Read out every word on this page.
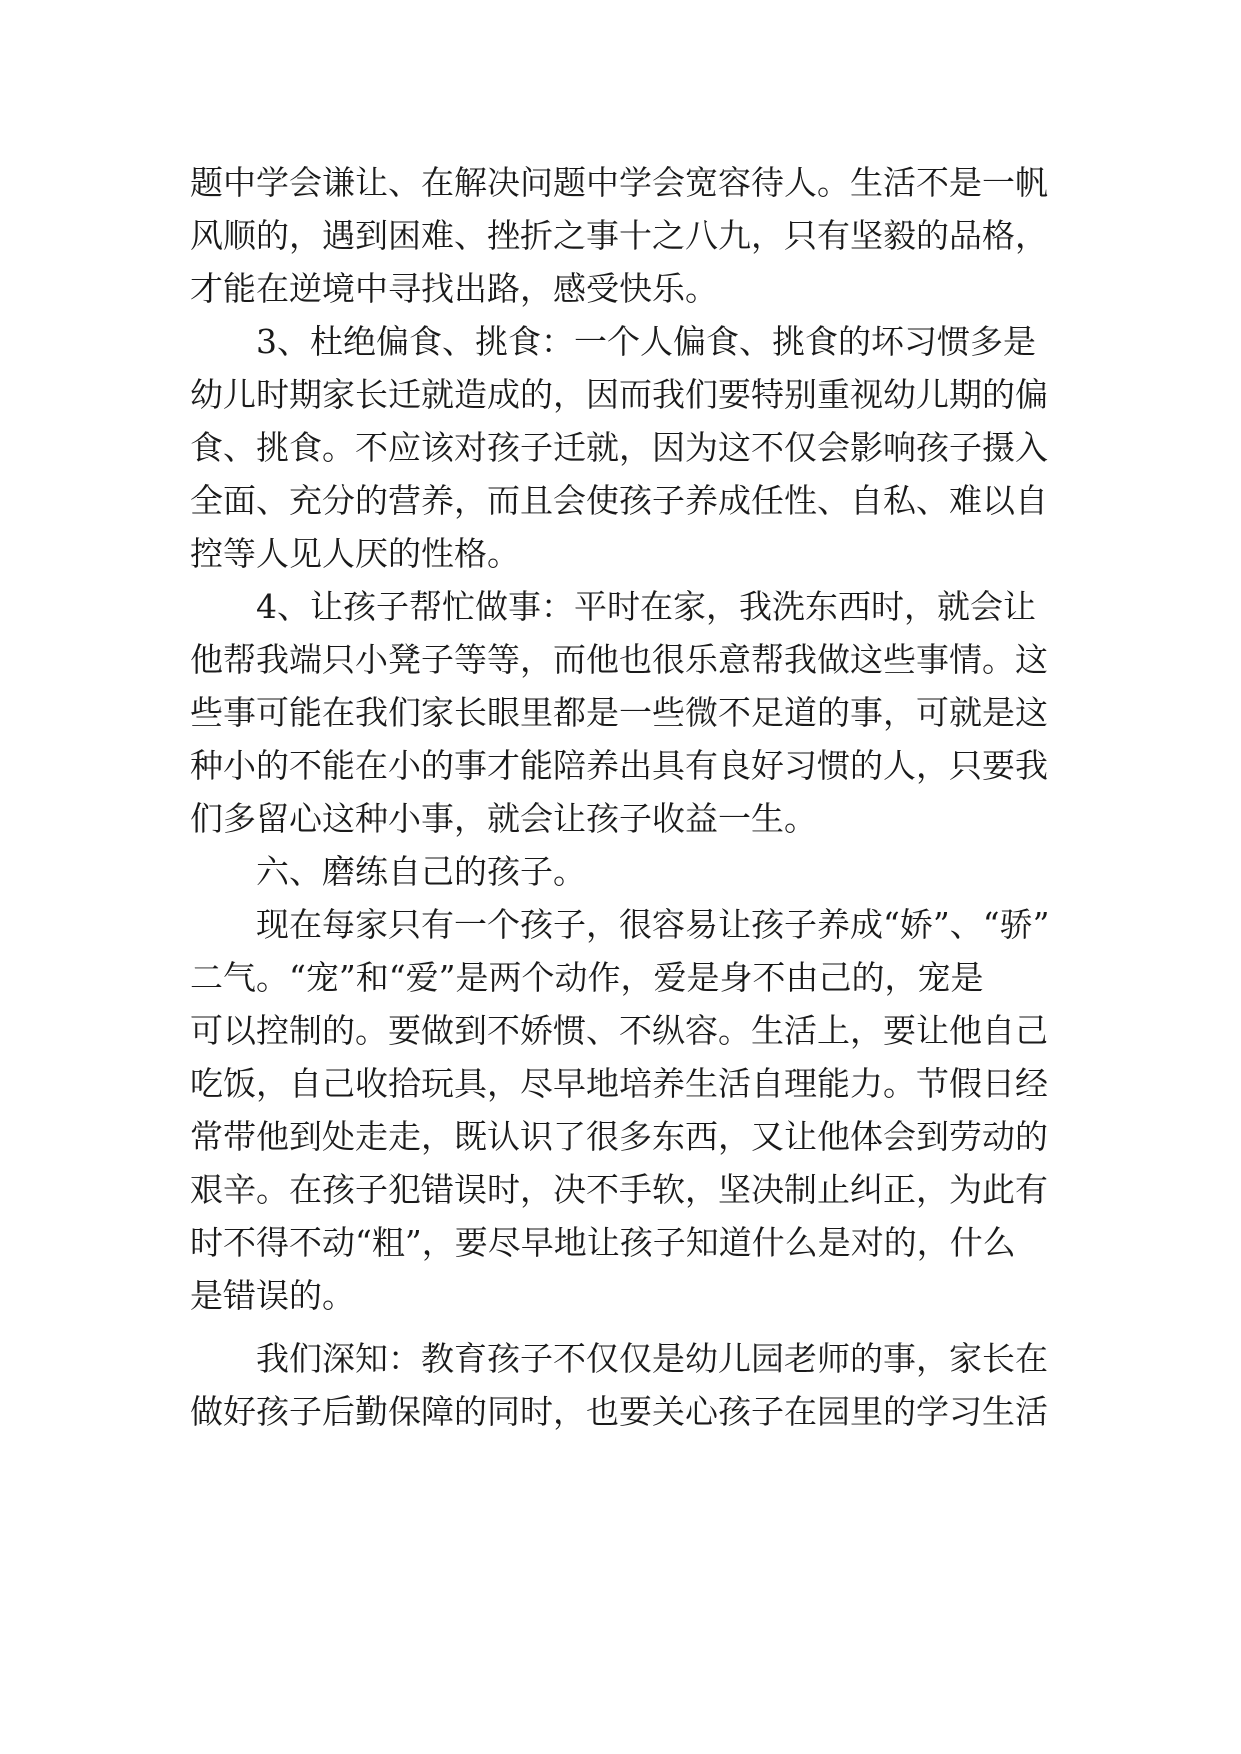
题中学会谦让、在解决问题中学会宽容待人。生活不是一帆
风顺的，遇到困难、挫折之事十之八九，只有坚毅的品格，
才能在逆境中寻找出路，感受快乐。
3、杜绝偏食、挑食：一个人偏食、挑食的坏习惯多是
幼儿时期家长迁就造成的，因而我们要特别重视幼儿期的偏
食、挑食。不应该对孩子迁就，因为这不仅会影响孩子摄入
全面、充分的营养，而且会使孩子养成任性、自私、难以自
控等人见人厌的性格。
4、让孩子帮忙做事：平时在家，我洗东西时，就会让
他帮我端只小凳子等等，而他也很乐意帮我做这些事情。这
些事可能在我们家长眼里都是一些微不足道的事，可就是这
种小的不能在小的事才能陪养出具有良好习惯的人，只要我
们多留心这种小事，就会让孩子收益一生。
六、磨练自己的孩子。
现在每家只有一个孩子，很容易让孩子养成“娇”、“骄”
二气。“宠”和“爱”是两个动作，爱是身不由己的，宠是
可以控制的。要做到不娇惯、不纵容。生活上，要让他自己
吃饭，自己收拾玩具，尽早地培养生活自理能力。节假日经
常带他到处走走，既认识了很多东西，又让他体会到劳动的
艰辛。在孩子犯错误时，决不手软，坚决制止纠正，为此有
时不得不动“粗”，要尽早地让孩子知道什么是对的，什么
是错误的。
我们深知：教育孩子不仅仅是幼儿园老师的事，家长在
做好孩子后勤保障的同时，也要关心孩子在园里的学习生活
